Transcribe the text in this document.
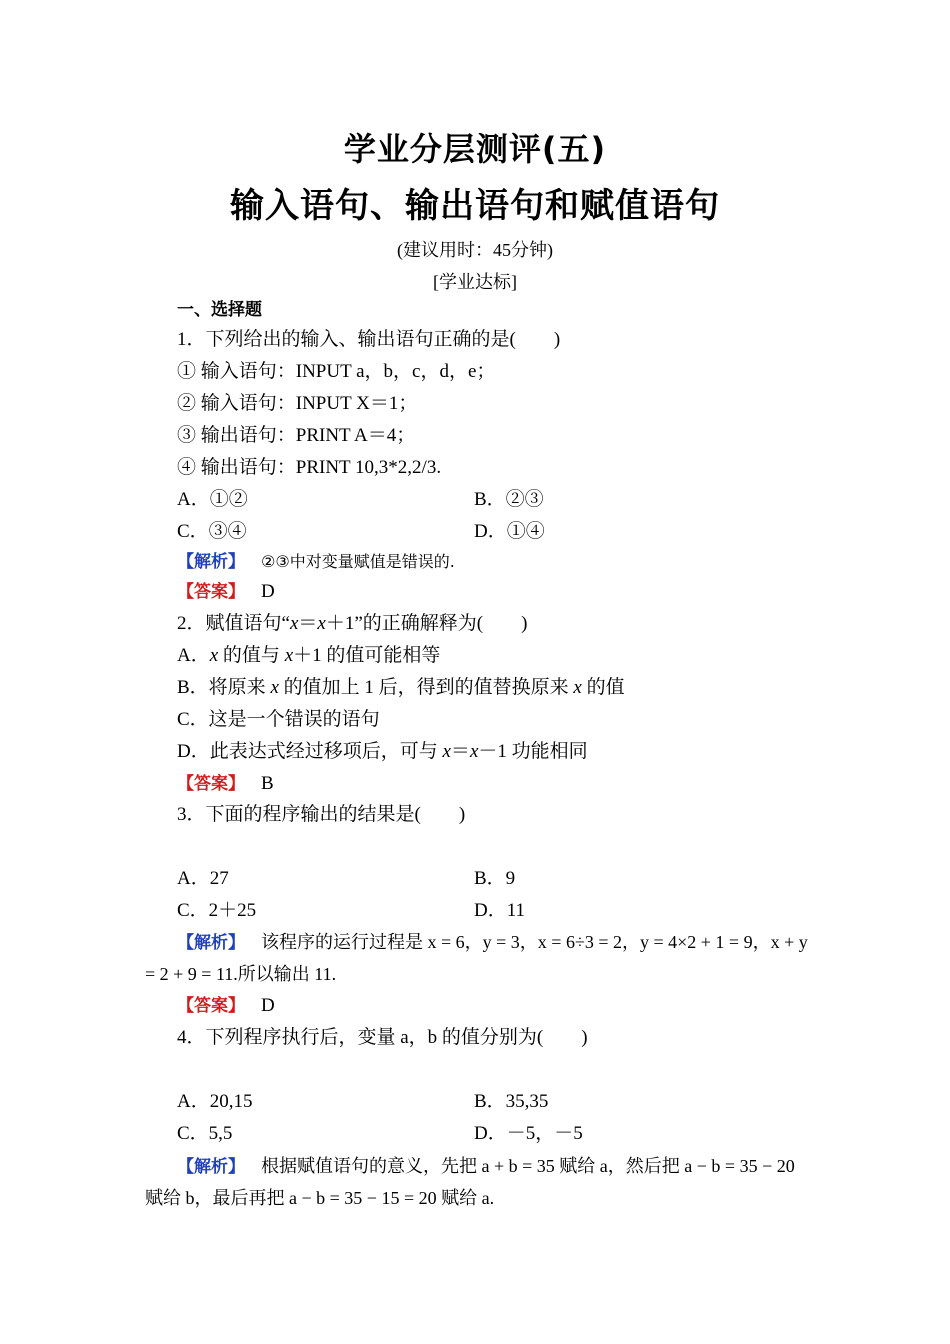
学业分层测评(五)
输入语句、输出语句和赋值语句
(建议用时：45分钟)
[学业达标]
一、选择题
1．下列给出的输入、输出语句正确的是(　　)
① 输入语句：INPUT a，b，c，d，e；
② 输入语句：INPUT X＝1；
③ 输出语句：PRINT A＝4；
④ 输出语句：PRINT 10,3*2,2/3.
A．①②	B．②③
C．③④	D．①④
【解析】 ②③中对变量赋值是错误的.
【答案】 D
2．赋值语句“x＝x＋1”的正确解释为(　　)
A．x 的值与 x＋1 的值可能相等
B．将原来 x 的值加上 1 后，得到的值替换原来 x 的值
C．这是一个错误的语句
D．此表达式经过移项后，可与 x＝x－1 功能相同
【答案】 B
3．下面的程序输出的结果是(　　)
A．27	B．9
C．2＋25	D．11
【解析】 该程序的运行过程是 x = 6，y = 3，x = 6÷3 = 2，y = 4×2 + 1 = 9，x + y
= 2 + 9 = 11.所以输出 11.
【答案】 D
4．下列程序执行后，变量 a，b 的值分别为(　　)
A．20,15	B．35,35
C．5,5	D．－5，－5
【解析】 根据赋值语句的意义，先把 a + b = 35 赋给 a，然后把 a − b = 35 − 20
赋给 b，最后再把 a − b = 35 − 15 = 20 赋给 a.
